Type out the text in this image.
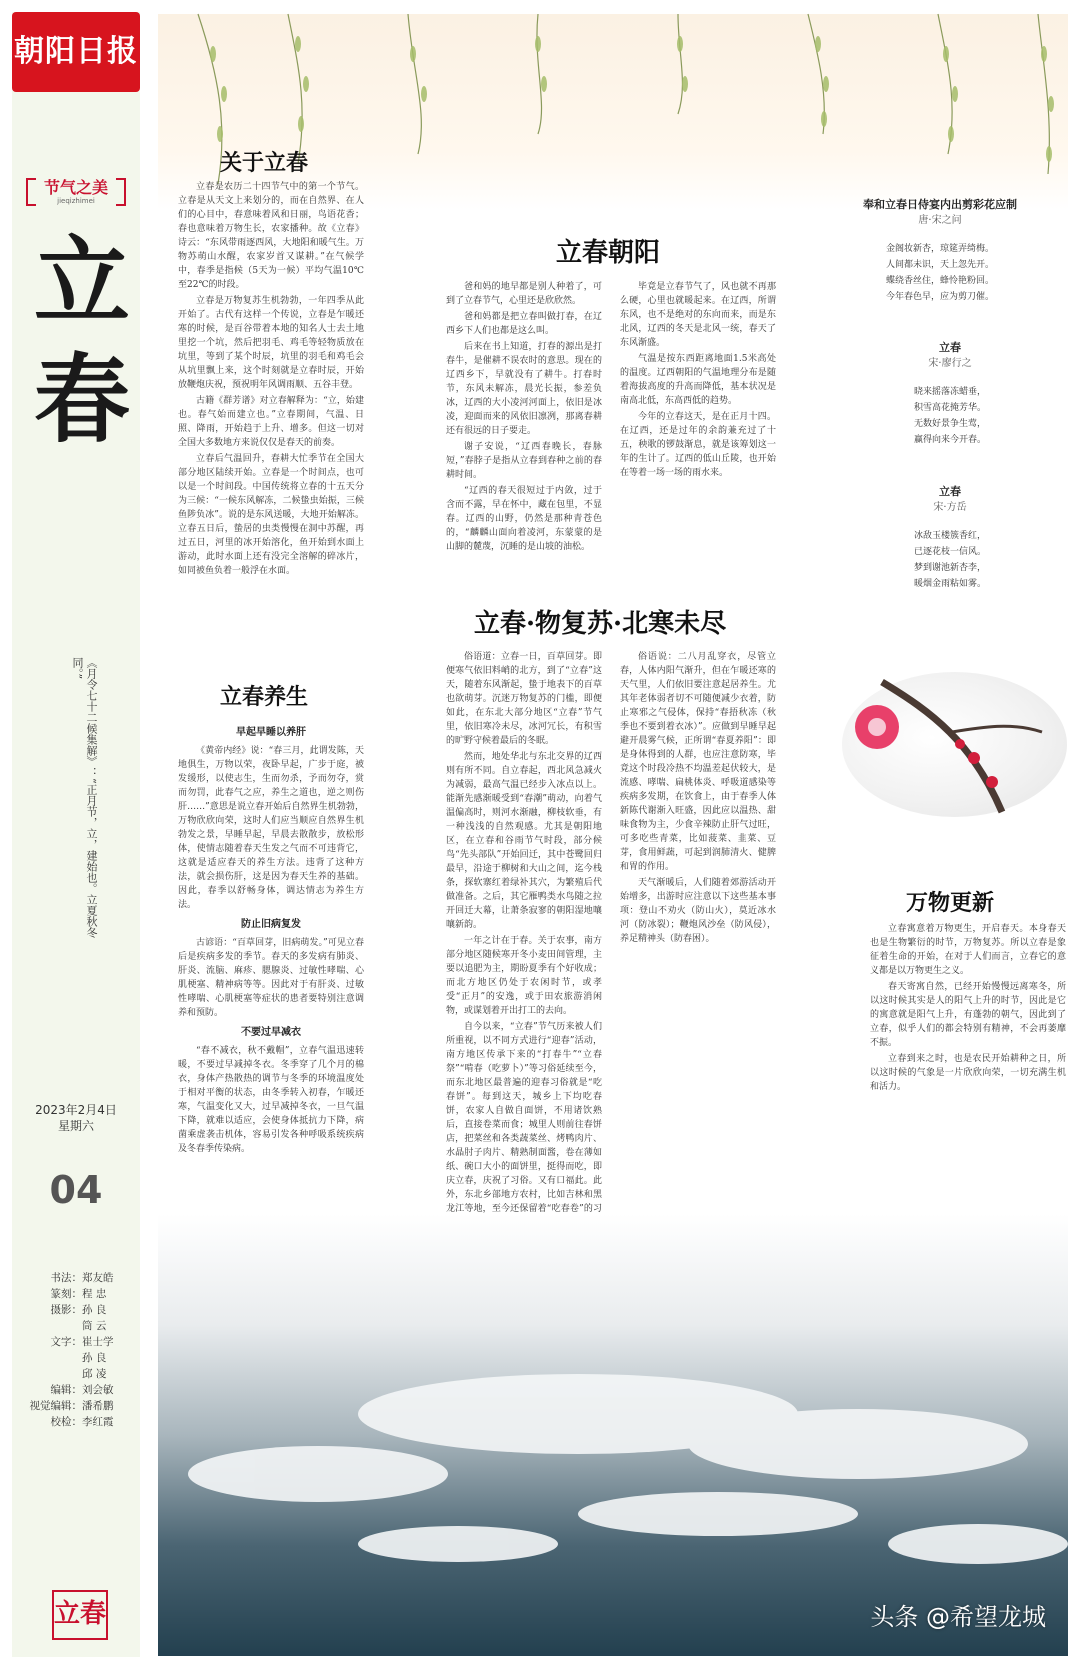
朝阳日报
节气之美
jieqizhimei
立
春
《月令七十二候集解》：“正月节，立，建始也。立夏秋冬同。”
2023年2月4日
星期六
04
书法： 郑友皓
篆刻： 程 忠
摄影： 孙 良
筒 云
文字： 崔士学
孙 良
邱 凌
编辑： 刘会敏
视觉编辑： 潘希鹏
校检： 李红霞
立春
关于立春

立春是农历二十四节气中的第一个节气。立春是从天文上来划分的，而在自然界、在人们的心目中，春意味着风和日丽，鸟语花香；春也意味着万物生长，农家播种。故《立春》诗云：“东风带雨逐西风，大地阳和暖气生。万物苏萌山水醒，农家岁首又谋耕。”在气候学中，春季是指候（5天为一候）平均气温10℃至22℃的时段。

立春是万物复苏生机勃勃，一年四季从此开始了。古代有这样一个传说，立春是乍暖还寒的时候，是百谷带着本地的知名人士去土地里挖一个坑，然后把羽毛、鸡毛等轻物质放在坑里，等到了某个时辰，坑里的羽毛和鸡毛会从坑里飘上来，这个时刻就是立春时辰，开始放鞭炮庆祝，预祝明年风调雨顺、五谷丰登。

古籍《群芳谱》对立春解释为：“立，始建也。春气始而建立也。”立春期间，气温、日照、降雨，开始趋于上升、增多。但这一切对全国大多数地方来说仅仅是春天的前奏。

立春后气温回升，春耕大忙季节在全国大部分地区陆续开始。立春是一个时间点，也可以是一个时间段。中国传统将立春的十五天分为三候：“一候东风解冻，二候蛰虫始振，三候鱼陟负冰”。说的是东风送暖，大地开始解冻。立春五日后，蛰居的虫类慢慢在洞中苏醒，再过五日，河里的冰开始溶化，鱼开始到水面上游动，此时水面上还有没完全溶解的碎冰片，如同被鱼负着一般浮在水面。

立春养生
早起早睡以养肝

《黄帝内经》说：“春三月，此谓发陈，天地俱生，万物以荣，夜卧早起，广步于庭，被发缓形，以使志生，生而勿杀，予而勿夺，赏而勿罚，此春气之应，养生之道也，逆之则伤肝……”意思是说立春开始后自然界生机勃勃，万物欣欣向荣，这时人们应当顺应自然界生机勃发之景，早睡早起，早晨去散散步，放松形体，使情志随着春天生发之气而不可违背它，这就是适应春天的养生方法。违背了这种方法，就会损伤肝，这是因为春天生养的基础。因此，春季以舒畅身体，调达情志为养生方法。

防止旧病复发

古谚语：“百草回芽，旧病萌发。”可见立春后是疾病多发的季节。春天的多发病有肺炎、肝炎、流脑、麻疹、腮腺炎、过敏性哮喘、心肌梗塞、精神病等等。因此对于有肝炎、过敏性哮喘、心肌梗塞等症状的患者要特别注意调养和预防。

不要过早减衣

“春不减衣，秋不戴帽”，立春气温迅速转暖，不要过早减掉冬衣。冬季穿了几个月的棉衣，身体产热散热的调节与冬季的环境温度处于相对平衡的状态，由冬季转入初春，乍暖还寒，气温变化又大，过早减掉冬衣，一旦气温下降，就难以适应，会使身体抵抗力下降，病菌乘虚袭击机体，容易引发各种呼吸系统疾病及冬春季传染病。

立春朝阳

爸和妈的地早都是别人种着了，可到了立春节气，心里还是欣欣然。

爸和妈都是把立春叫做打春，在辽西乡下人们也都是这么叫。

后来在书上知道，打春的源出是打春牛，是催耕不误农时的意思。现在的辽西乡下，早就没有了耕牛。打春时节，东风未解冻，晨光长振，参差负冰，辽西的大小凌河河面上，依旧是冰凌，迎面而来的风依旧凛冽，那离春耕还有很远的日子要走。

谢子安说，“辽西春晚长，春脉短，”春脖子是指从立春到春种之前的春耕时间。

“辽西的春天很短过于内敛，过于含而不露，早在怀中，藏在包里，不显春。辽西的山野，仍然是那种青苍色的，“麟麟山面向着凌河，东蒙蒙的是山脚的麓蔑，沉睡的是山坡的油松。

毕竟是立春节气了，风也就不再那么硬，心里也就暖起来。在辽西，所谓东风，也不是绝对的东向而来，而是东北风，辽西的冬天是北风一统，春天了东风渐盛。

气温是按东西距离地面1.5米高处的温度。辽西朝阳的气温地理分布是随着海拔高度的升高而降低，基本状况是南高北低，东高西低的趋势。

今年的立春这天，是在正月十四。在辽西，还是过年的余韵兼充过了十五，秧歌的锣鼓渐息，就是该筹划这一年的生计了。辽西的低山丘陵，也开始在等着一场一场的雨水来。

立春·物复苏·北寒未尽

俗语道：立春一日，百草回芽。即便寒气依旧料峭的北方，到了“立春”这天，随着东风渐起，蛰于地表下的百草也欲萌芽。沉迷万物复苏的门槛，即便如此，在东北大部分地区“立春”节气里，依旧寒冷未尽，冰河冗长，有积雪的旷野守候着最后的冬眠。

然而，地处华北与东北交界的辽西则有所不同。自立春起，西北风急减火为减弱，最高气温已经步入冰点以上。能渐先感渐暖受到“春潮”萌动，向着气温偏高时，则河水渐融，柳枝软垂，有一种浅浅的自然观感。尤其是朝阳地区，在立春和谷雨节气时段，部分候鸟“先头部队”开始回迁，其中苍鹭回归最早，沿途于柳树和大山之间，迄今栈条，探软寨红着绿补其穴，为繁殖后代做准备。之后，其它雁鸭类水鸟随之拉开回迁大幕，让萧条寂寥的朝阳湿地嚷嚷新韵。

一年之计在于春。关于农事，南方部分地区随候寒开冬小麦田间管理，主要以追肥为主，期盼夏季有个好收成；而北方地区仍处于农闲时节，或孝受“正月”的安逸，或于田农旅游消闲物，或谋划着开出打工的去向。

自今以来，“立春”节气历来被人们所重视，以不同方式进行“迎春”活动，南方地区传承下来的“打春牛”“立春祭”“啃春（吃萝卜）”等习俗延续至今，而东北地区最普遍的迎春习俗就是“吃春饼”。每到这天，城乡上下均吃春饼，农家人自做自面饼，不用诸饮熟后，直接卷菜而食；城里人则前往春饼店，把菜丝和各类蔬菜丝、烤鸭肉片、水晶肘子肉片、精熟制面酱，卷在薄如纸、碗口大小的面饼里，挺得而吃，即庆立春，庆祝了习俗。又有口福此。此外，东北乡部地方农村，比如吉林和黑龙江等地，至今还保留着“吃春卷”的习

俗语说：二八月乱穿衣，尽管立春，人体内阳气渐升，但在乍暖还寒的天气里，人们依旧要注意起居养生。尤其年老体弱者切不可随便减少衣着，防止寒邪之气侵体，保持“春捂秋冻（秋季也不要到着衣冰）”。应做到早睡早起避开晨雾气候，正所谓“春夏养阳”：即是身体得到的人群，也应注意防寒，毕竟这个时段冷热不均温差起伏较大，是流感、哮喘、扁桃体炎、呼吸道感染等疾病多发期，在饮食上，由于春季人体新陈代谢渐入旺盛，因此应以温热、甜味食物为主，少食辛辣防止肝气过旺，可多吃些青菜，比如菠菜、韭菜、豆芽，食用鲜蔬，可起到润肺清火、健脾和胃的作用。

天气渐暖后，人们随着郊游活动开始增多，出游时应注意以下这些基本事项：登山不劝火（防山火），莫近冰水河（防冰裂）；鞭炮风沙垒（防风侵），养足精神头（防春困）。

奉和立春日侍宴内出剪彩花应制
唐·宋之问
金阁妆新杏，琼筵弄绮梅。
人间都未识，天上忽先开。
蝶绕香丝住，蜂怜艳粉回。
今年春色早，应为剪刀催。
立春
宋·廖行之
晓来摇落冻蜡垂，
积雪高花掩芳华。
无数好景争生莺，
赢得向来今开春。
立春
宋·方岳
冰敌玉楼簇香红，
已逐花枝一信风。
梦到谢池新杏李，
暖烟金雨粘如雾。
万物更新

立春寓意着万物更生，开启春天。本身春天也是生物繁衍的时节，万物复苏。所以立春是象征着生命的开始，在对于人们而言，立春它的意义都是以万物更生之义。

春天寄寓自然，已经开始慢慢远离寒冬，所以这时候其实是人的阳气上升的时节，因此是它的寓意就是阳气上升，有蓬勃的朝气，因此到了立春，似乎人们的都会特别有精神，不会再萎靡不振。

立春到来之时，也是农民开始耕种之日，所以这时候的气象是一片欣欣向荣，一切充满生机和活力。

头条 @希望龙城
